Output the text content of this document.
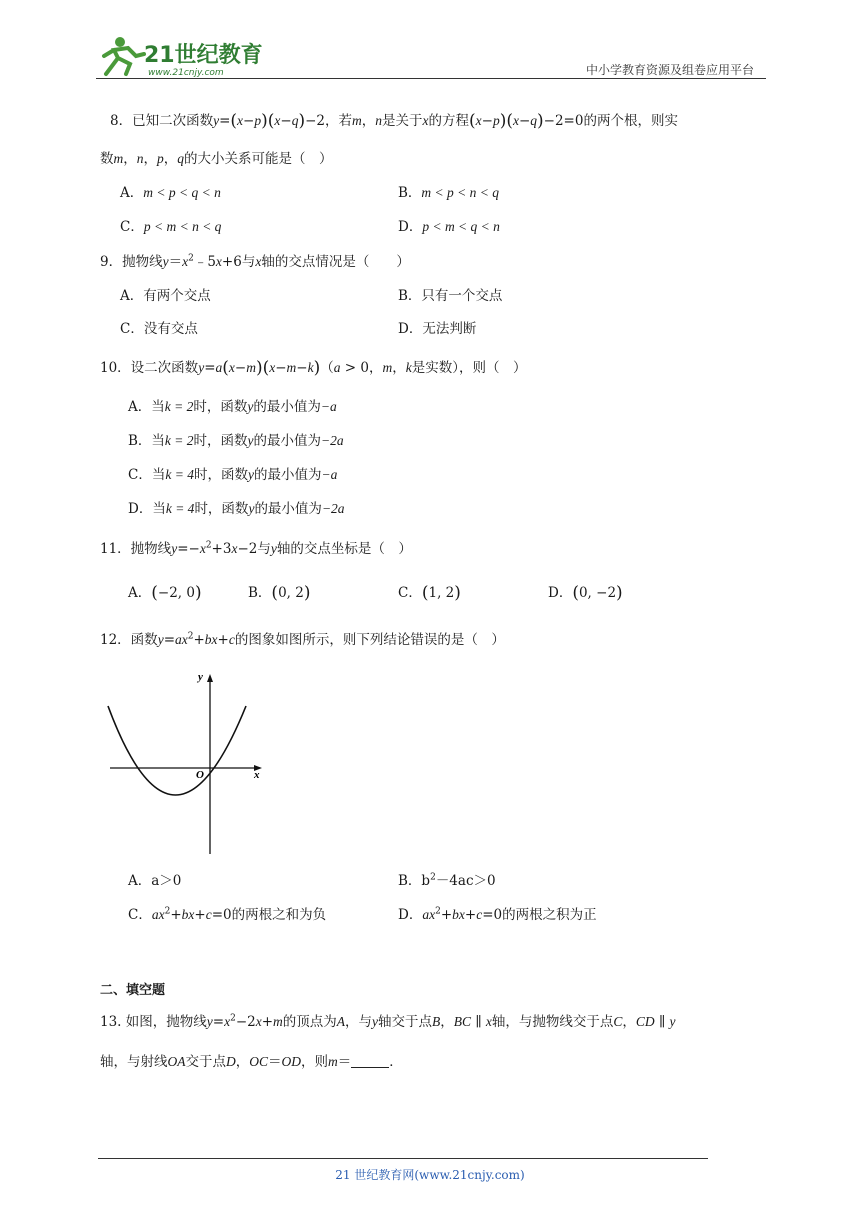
21世纪教育
www.21cnjy.com	中小学教育资源及组卷应用平台
8．已知二次函数y=(x−p)(x−q)−2，若m，n是关于x的方程(x−p)(x−q)−2=0的两个根，则实
数m，n，p，q的大小关系可能是（　）
A．m < p < q < n	B．m < p < n < q
C．p < m < n < q	D．p < m < q < n
9．抛物线$y=x^2﹣5x+6$与x轴的交点情况是（　　）
A．有两个交点	B．只有一个交点
C．没有交点	D．无法判断
10．设二次函数y=a(x−m)(x−m−k)（a > 0，m，k是实数），则（　）
A．当k = 2时，函数y的最小值为−a
B．当k = 2时，函数y的最小值为−2a
C．当k = 4时，函数y的最小值为−a
D．当k = 4时，函数y的最小值为−2a
11．抛物线$y=-x^2+3x-2$与y轴的交点坐标是（　）
A．(−2, 0)	B．(0, 2)	C．(1, 2)	D．(0, −2)
12．函数$y=ax^2+bx+c$的图象如图所示，则下列结论错误的是（　）
x
y
O
A．a＞0	B．$b^2-4ac>0$
C．$ax^2+bx+c=0$的两根之和为负	D．$ax^2+bx+c=0$的两根之积为正
二、填空题
13. 如图，抛物线$y=x^2-2x+m$的顶点为A，与y轴交于点B，BC ∥ x轴，与抛物线交于点C，CD ∥ y
轴，与射线OA交于点D，OC＝OD，则m＝	．
21 世纪教育网(www.21cnjy.com)
